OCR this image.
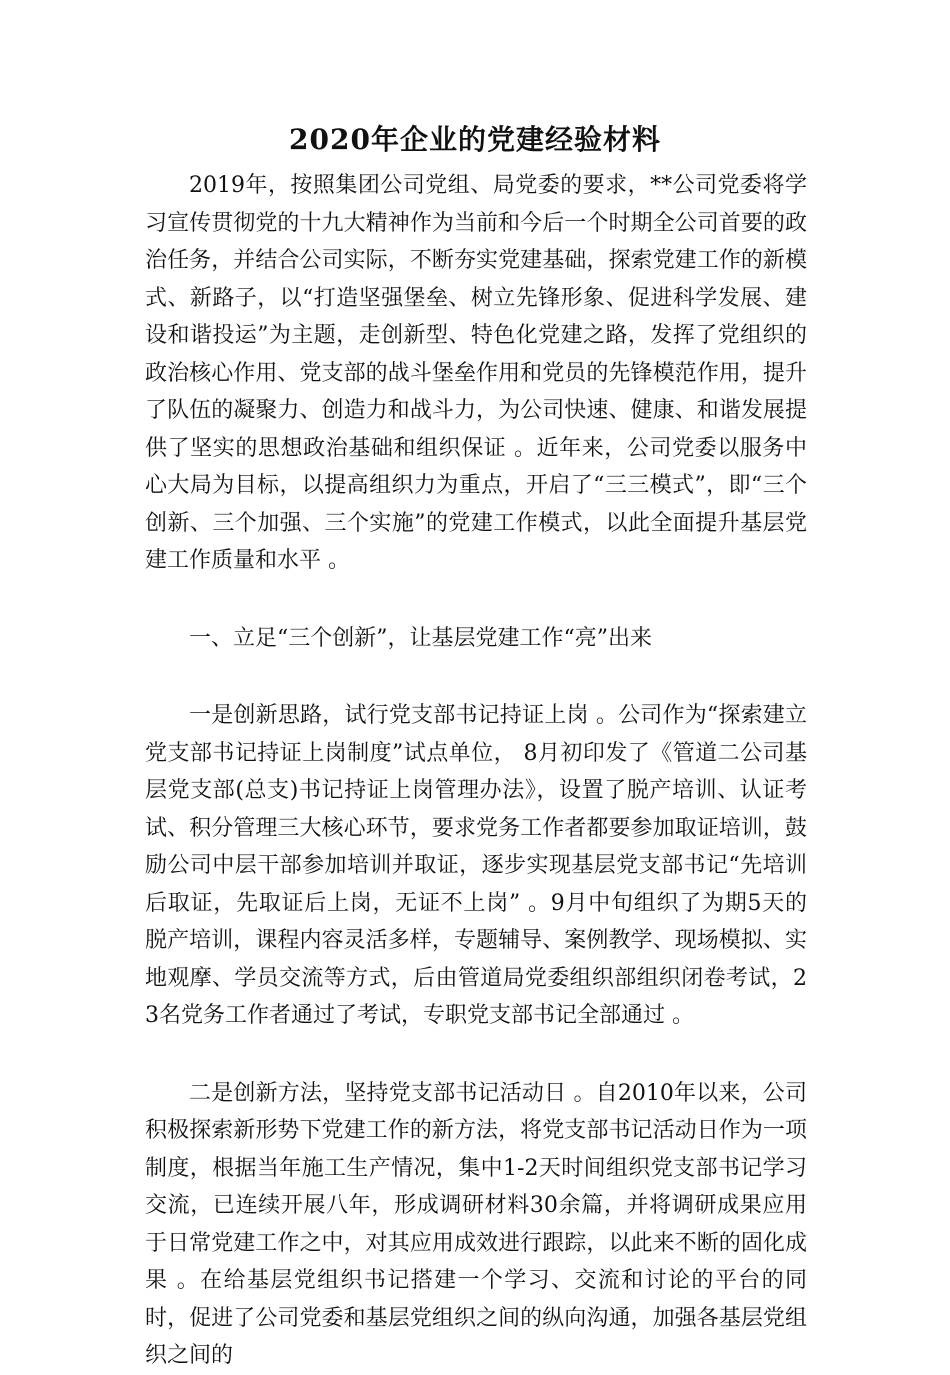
2020年企业的党建经验材料

2019年，按照集团公司党组、局党委的要求，**公司党委将学习宣传贯彻党的十九大精神作为当前和今后一个时期全公司首要的政治任务，并结合公司实际，不断夯实党建基础，探索党建工作的新模式、新路子，以“打造坚强堡垒、树立先锋形象、促进科学发展、建设和谐投运”为主题，走创新型、特色化党建之路，发挥了党组织的政治核心作用、党支部的战斗堡垒作用和党员的先锋模范作用，提升了队伍的凝聚力、创造力和战斗力，为公司快速、健康、和谐发展提供了坚实的思想政治基础和组织保证 。近年来，公司党委以服务中心大局为目标，以提高组织力为重点，开启了“三三模式”，即“三个创新、三个加强、三个实施”的党建工作模式，以此全面提升基层党建工作质量和水平 。

一、立足“三个创新”，让基层党建工作“亮”出来

一是创新思路，试行党支部书记持证上岗 。公司作为“探索建立党支部书记持证上岗制度”试点单位， 8月初印发了《管道二公司基层党支部(总支)书记持证上岗管理办法》，设置了脱产培训、认证考试、积分管理三大核心环节，要求党务工作者都要参加取证培训，鼓励公司中层干部参加培训并取证，逐步实现基层党支部书记“先培训后取证，先取证后上岗，无证不上岗” 。9月中旬组织了为期5天的脱产培训，课程内容灵活多样，专题辅导、案例教学、现场模拟、实地观摩、学员交流等方式，后由管道局党委组织部组织闭卷考试，23名党务工作者通过了考试，专职党支部书记全部通过 。

二是创新方法，坚持党支部书记活动日 。自2010年以来，公司积极探索新形势下党建工作的新方法，将党支部书记活动日作为一项制度，根据当年施工生产情况，集中1-2天时间组织党支部书记学习交流，已连续开展八年，形成调研材料30余篇，并将调研成果应用于日常党建工作之中，对其应用成效进行跟踪，以此来不断的固化成果 。在给基层党组织书记搭建一个学习、交流和讨论的平台的同时，促进了公司党委和基层党组织之间的纵向沟通，加强各基层党组织之间的
